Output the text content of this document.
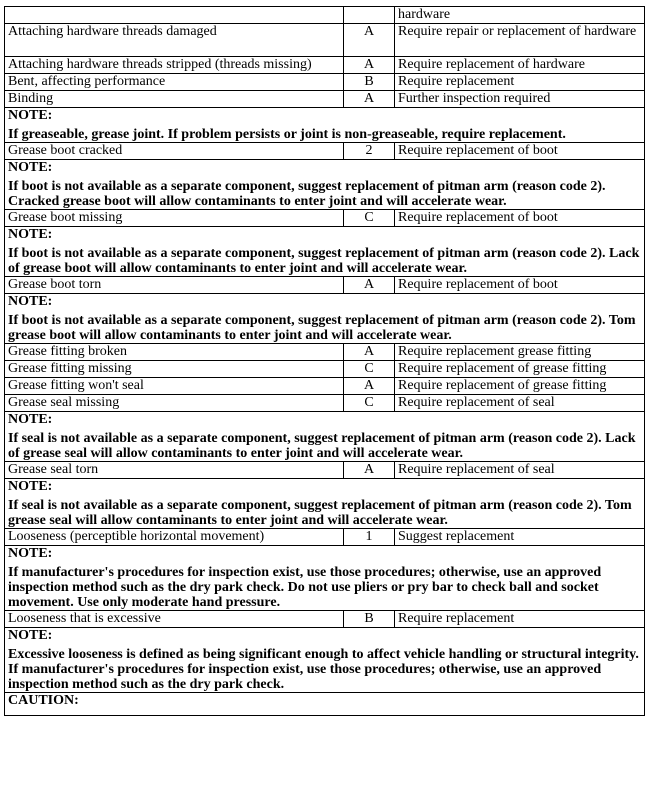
		hardware
Attaching hardware threads damaged	A	Require repair or replacement of hardware
Attaching hardware threads stripped (threads missing)	A	Require replacement of hardware
Bent, affecting performance	B	Require replacement
Binding	A	Further inspection required

NOTE:
If greaseable, grease joint. If problem persists or joint is non-greaseable, require replacement.		

Grease boot cracked	2	Require replacement of boot

NOTE:
If boot is not available as a separate component, suggest replacement of pitman arm (reason code 2). Cracked grease boot will allow contaminants to enter joint and will accelerate wear.		

Grease boot missing	C	Require replacement of boot

NOTE:
If boot is not available as a separate component, suggest replacement of pitman arm (reason code 2). Lack of grease boot will allow contaminants to enter joint and will accelerate wear.		

Grease boot torn	A	Require replacement of boot

NOTE:
If boot is not available as a separate component, suggest replacement of pitman arm (reason code 2). Tom grease boot will allow contaminants to enter joint and will accelerate wear.		

Grease fitting broken	A	Require replacement grease fitting
Grease fitting missing	C	Require replacement of grease fitting
Grease fitting won't seal	A	Require replacement of grease fitting
Grease seal missing	C	Require replacement of seal

NOTE:
If seal is not available as a separate component, suggest replacement of pitman arm (reason code 2). Lack of grease seal will allow contaminants to enter joint and will accelerate wear.		

Grease seal torn	A	Require replacement of seal

NOTE:
If seal is not available as a separate component, suggest replacement of pitman arm (reason code 2). Tom grease seal will allow contaminants to enter joint and will accelerate wear.		

Looseness (perceptible horizontal movement)	1	Suggest replacement

NOTE:
If manufacturer's procedures for inspection exist, use those procedures; otherwise, use an approved inspection method such as the dry park check. Do not use pliers or pry bar to check ball and socket movement. Use only moderate hand pressure.		

Looseness that is excessive	B	Require replacement

NOTE:
Excessive looseness is defined as being significant enough to affect vehicle handling or structural integrity. If manufacturer's procedures for inspection exist, use those procedures; otherwise, use an approved inspection method such as the dry park check.		

CAUTION:		
